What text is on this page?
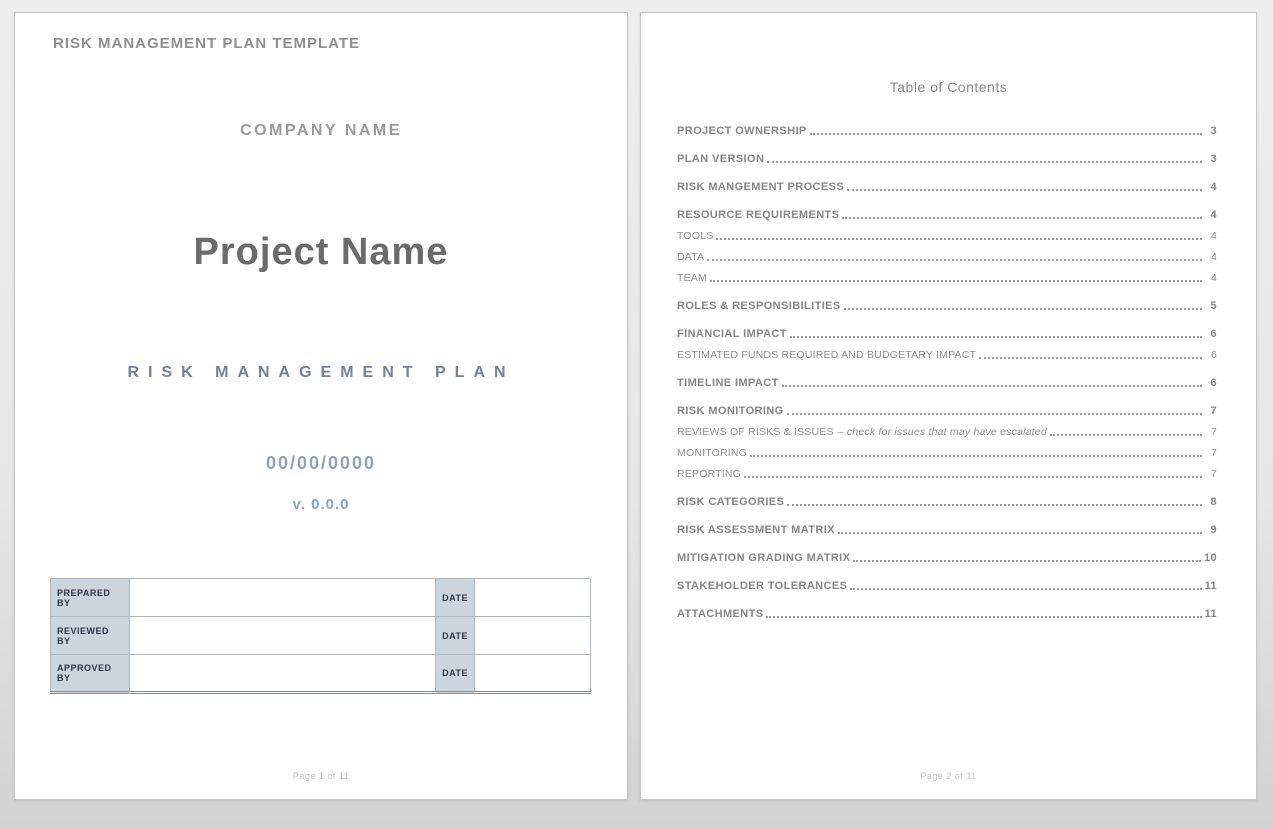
RISK MANAGEMENT PLAN TEMPLATE
COMPANY NAME
Project Name
RISK MANAGEMENT PLAN
00/00/0000
v. 0.0.0
PREPARED BY		DATE	
REVIEWED BY		DATE	
APPROVED BY		DATE	
Page 1 of 11
Table of Contents
PROJECT OWNERSHIP	3
PLAN VERSION	3
RISK MANGEMENT PROCESS	4
RESOURCE REQUIREMENTS	4
TOOLS	4
DATA	4
TEAM	4
ROLES & RESPONSIBILITIES	5
FINANCIAL IMPACT	6
ESTIMATED FUNDS REQUIRED AND BUDGETARY IMPACT	6
TIMELINE IMPACT	6
RISK MONITORING	7
REVIEWS OF RISKS & ISSUES – check for issues that may have escalated	7
MONITORING	7
REPORTING	7
RISK CATEGORIES	8
RISK ASSESSMENT MATRIX	9
MITIGATION GRADING MATRIX	10
STAKEHOLDER TOLERANCES	11
ATTACHMENTS	11
Page 2 of 11
